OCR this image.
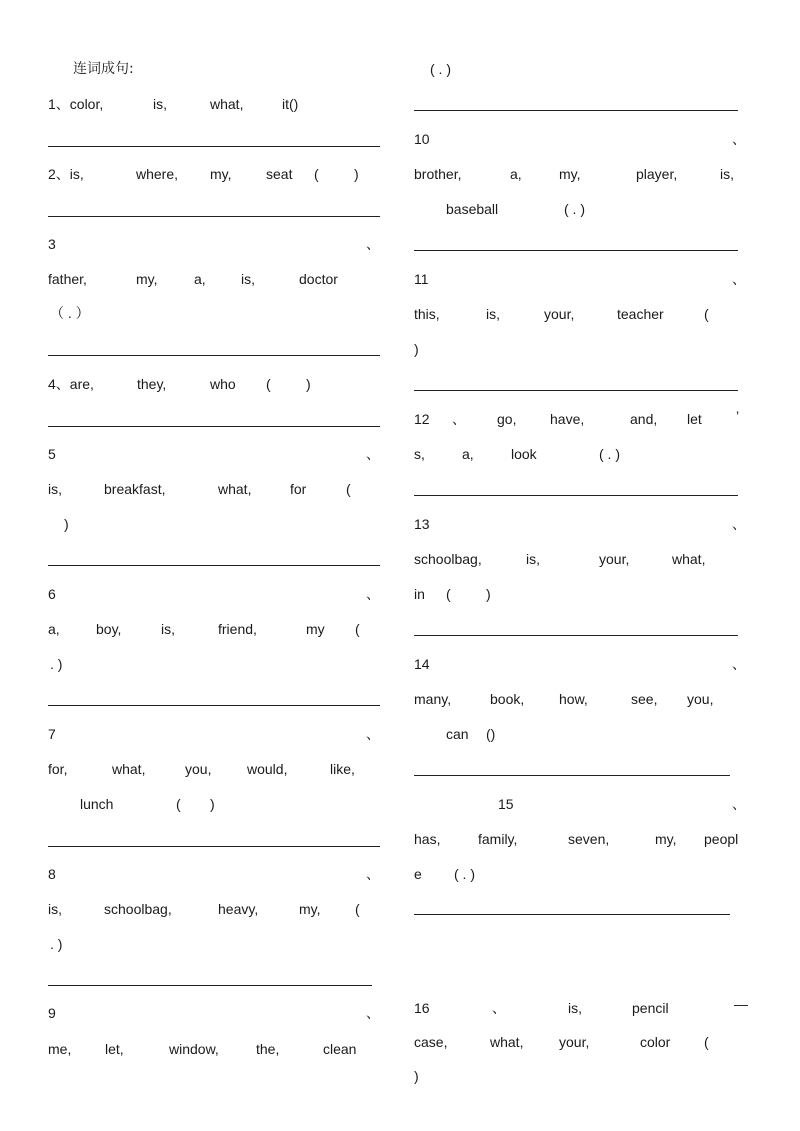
连词成句:
1、color,	is,	what,	it()
2、is,	where, my, seat (	)
3	、
father,	my,	a,	is,	doctor
（ . ）
4、are,	they,	who (	)
5	、
is,	breakfast,	what,	for	(
)
6	、
a,	boy,	is,	friend,	my (
. )
7	、
for,	what,	you,	would,	like,
lunch	( )
8	、
is,	schoolbag,	heavy,	my, (
. )
9	、
me, let,	window,	the,	clean
( . )
10	、
brother,	a,	my,	player,	is,
baseball	( . )
11	、
this,	is,	your,	teacher	(
)
12 、 go, have,	and, let ’
s,	a,	look	( . )
13	、
schoolbag,	is,	your,	what,
in (	)
14	、
many,	book, how,	see, you,
can ()
15	、
has,	family,	seven,	my, peopl
e ( . )
16	、	is,	pencil	—
case,	what,	your,	color (
)
